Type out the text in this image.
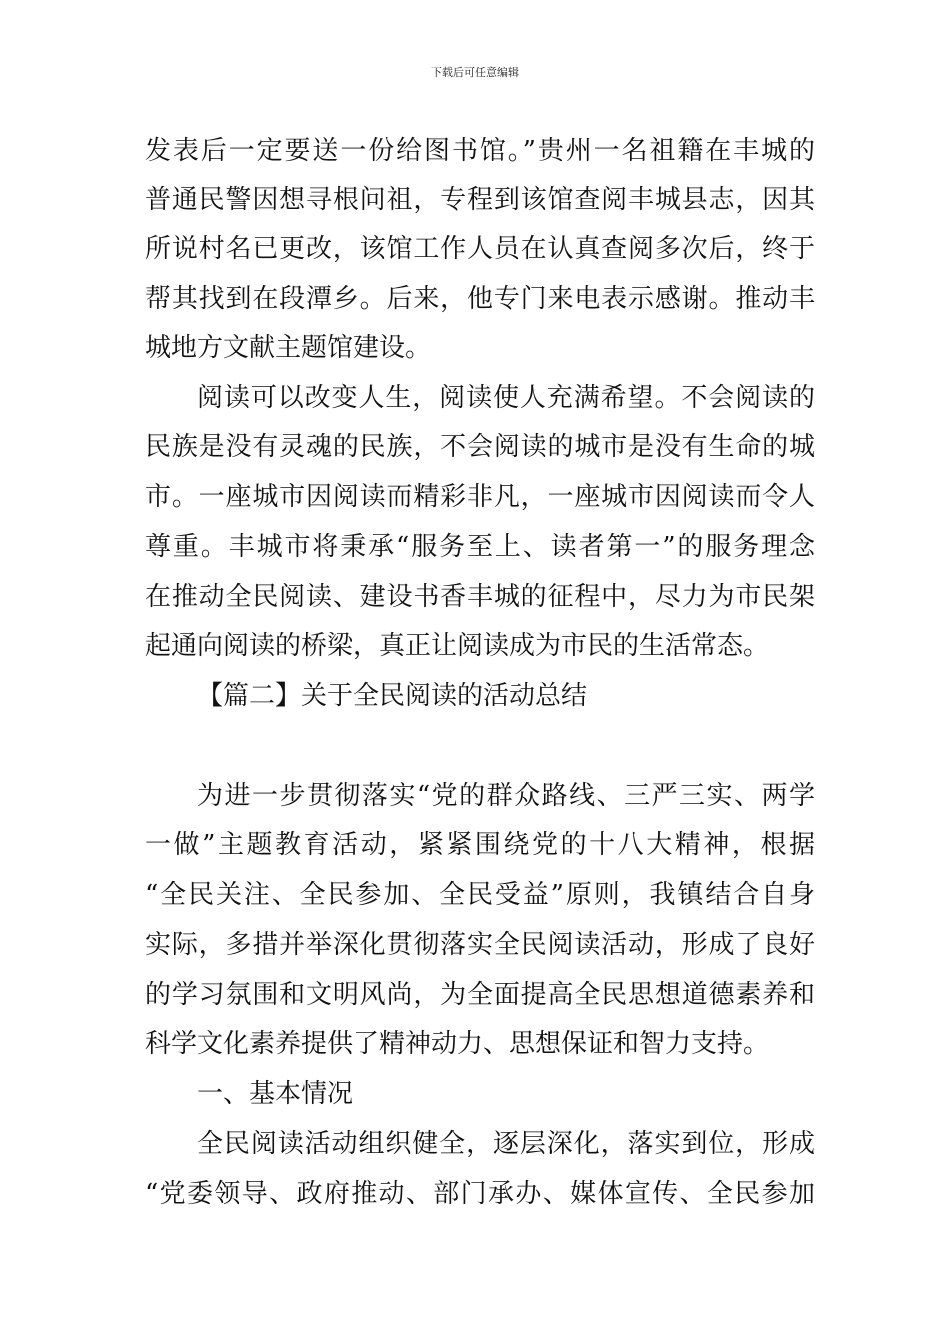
下载后可任意编辑
发表后一定要送一份给图书馆。”贵州一名祖籍在丰城的
普通民警因想寻根问祖，专程到该馆查阅丰城县志，因其
所说村名已更改，该馆工作人员在认真查阅多次后，终于
帮其找到在段潭乡。后来，他专门来电表示感谢。推动丰
城地方文献主题馆建设。
阅读可以改变人生，阅读使人充满希望。不会阅读的
民族是没有灵魂的民族，不会阅读的城市是没有生命的城
市。一座城市因阅读而精彩非凡，一座城市因阅读而令人
尊重。丰城市将秉承“服务至上、读者第一”的服务理念
在推动全民阅读、建设书香丰城的征程中，尽力为市民架
起通向阅读的桥梁，真正让阅读成为市民的生活常态。
【篇二】关于全民阅读的活动总结
为进一步贯彻落实“党的群众路线、三严三实、两学
一做”主题教育活动，紧紧围绕党的十八大精神，根据
“全民关注、全民参加、全民受益”原则，我镇结合自身
实际，多措并举深化贯彻落实全民阅读活动，形成了良好
的学习氛围和文明风尚，为全面提高全民思想道德素养和
科学文化素养提供了精神动力、思想保证和智力支持。
一、基本情况
全民阅读活动组织健全，逐层深化，落实到位，形成
“党委领导、政府推动、部门承办、媒体宣传、全民参加
